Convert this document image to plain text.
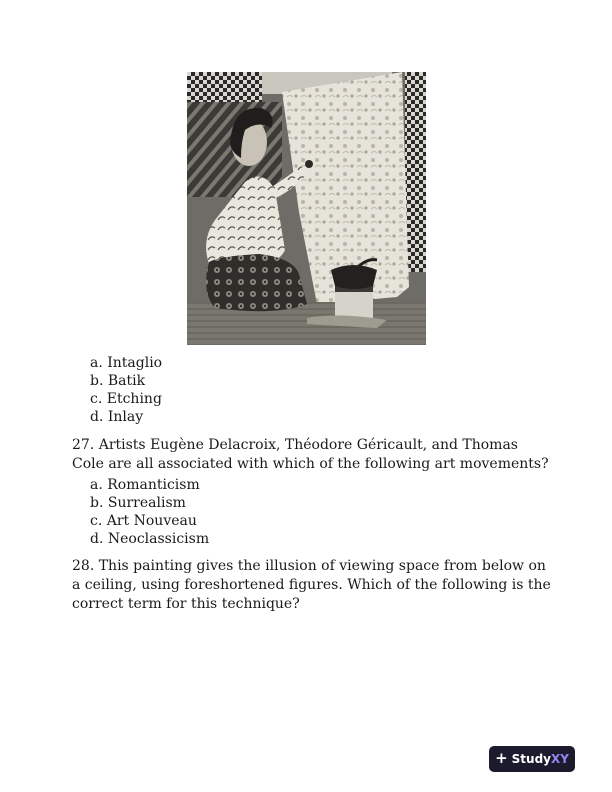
a. Intaglio
b. Batik
c. Etching
d. Inlay

27. Artists Eugène Delacroix, Théodore Géricault, and Thomas Cole are all associated with which of the following art movements?

a. Romanticism
b. Surrealism
c. Art Nouveau
d. Neoclassicism

28. This painting gives the illusion of viewing space from below on a ceiling, using foreshortened figures. Which of the following is the correct term for this technique?

+ StudyXY
